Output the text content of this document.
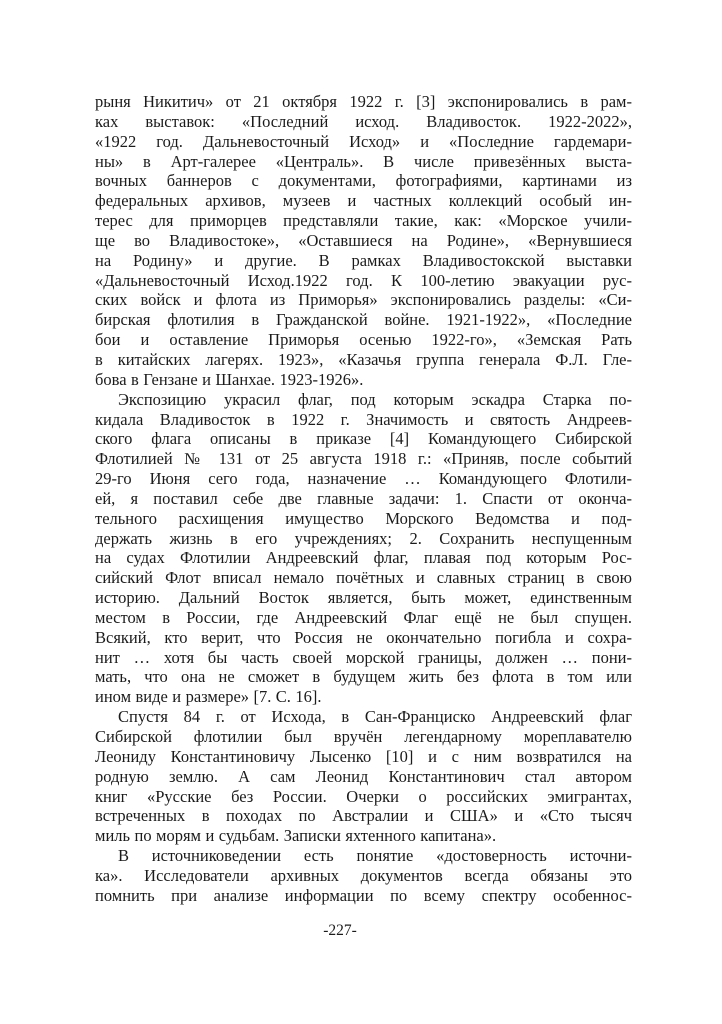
рыня Никитич» от 21 октября 1922 г. [3] экспонировались в рам-
ках выставок: «Последний исход. Владивосток. 1922-2022»,
«1922 год. Дальневосточный Исход» и «Последние гардемари-
ны» в Арт-галерее «Централь». В числе привезённых выста-
вочных баннеров с документами, фотографиями, картинами из
федеральных архивов, музеев и частных коллекций особый ин-
терес для приморцев представляли такие, как: «Морское учили-
ще во Владивостоке», «Оставшиеся на Родине», «Вернувшиеся
на Родину» и другие. В рамках Владивостокской выставки
«Дальневосточный Исход.1922 год. К 100-летию эвакуации рус-
ских войск и флота из Приморья» экспонировались разделы: «Си-
бирская флотилия в Гражданской войне. 1921-1922», «Последние
бои и оставление Приморья осенью 1922-го», «Земская Рать
в китайских лагерях. 1923», «Казачья группа генерала Ф.Л. Гле-
бова в Гензане и Шанхае. 1923-1926».
Экспозицию украсил флаг, под которым эскадра Старка по-
кидала Владивосток в 1922 г. Значимость и святость Андреев-
ского флага описаны в приказе [4] Командующего Сибирской
Флотилией № 131 от 25 августа 1918 г.: «Приняв, после событий
29-го Июня сего года, назначение … Командующего Флотили-
ей, я поставил себе две главные задачи: 1. Спасти от оконча-
тельного расхищения имущество Морского Ведомства и под-
держать жизнь в его учреждениях; 2. Сохранить неспущенным
на судах Флотилии Андреевский флаг, плавая под которым Рос-
сийский Флот вписал немало почётных и славных страниц в свою
историю. Дальний Восток является, быть может, единственным
местом в России, где Андреевский Флаг ещё не был спущен.
Всякий, кто верит, что Россия не окончательно погибла и сохра-
нит … хотя бы часть своей морской границы, должен … пони-
мать, что она не сможет в будущем жить без флота в том или
ином виде и размере» [7. С. 16].
Спустя 84 г. от Исхода, в Сан-Франциско Андреевский флаг
Сибирской флотилии был вручён легендарному мореплавателю
Леониду Константиновичу Лысенко [10] и с ним возвратился на
родную землю. А сам Леонид Константинович стал автором
книг «Русские без России. Очерки о российских эмигрантах,
встреченных в походах по Австралии и США» и «Сто тысяч
миль по морям и судьбам. Записки яхтенного капитана».
В источниковедении есть понятие «достоверность источни-
ка». Исследователи архивных документов всегда обязаны это
помнить при анализе информации по всему спектру особеннос-
-227-
